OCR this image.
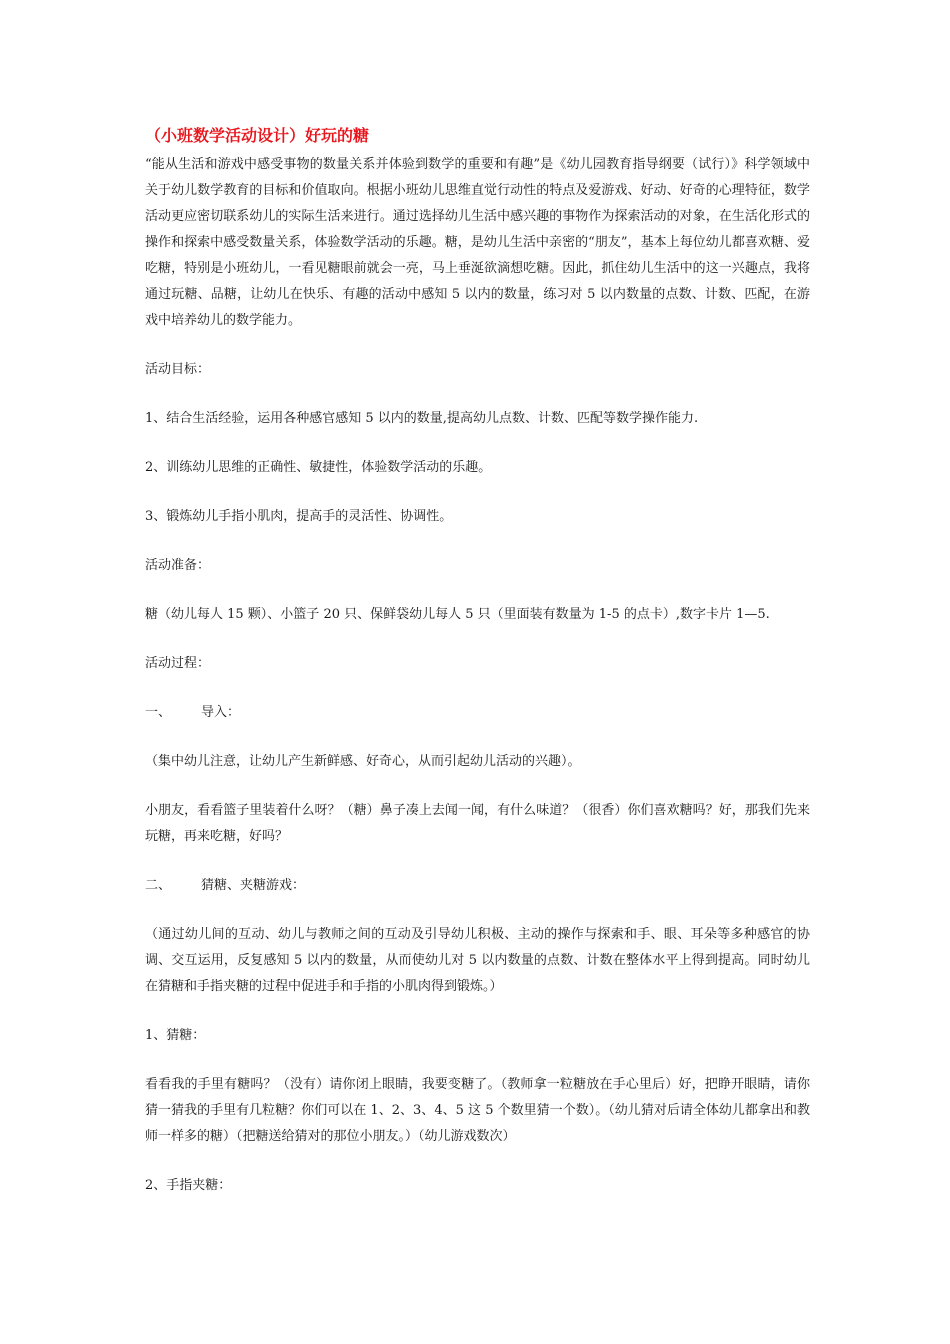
（小班数学活动设计）好玩的糖

“能从生活和游戏中感受事物的数量关系并体验到数学的重要和有趣”是《幼儿园教育指导纲要（试行）》科学领域中关于幼儿数学教育的目标和价值取向。根据小班幼儿思维直觉行动性的特点及爱游戏、好动、好奇的心理特征，数学活动更应密切联系幼儿的实际生活来进行。通过选择幼儿生活中感兴趣的事物作为探索活动的对象，在生活化形式的操作和探索中感受数量关系，体验数学活动的乐趣。糖，是幼儿生活中亲密的“朋友”，基本上每位幼儿都喜欢糖、爱吃糖，特别是小班幼儿，一看见糖眼前就会一亮，马上垂涎欲滴想吃糖。因此，抓住幼儿生活中的这一兴趣点，我将通过玩糖、品糖，让幼儿在快乐、有趣的活动中感知 5 以内的数量，练习对 5 以内数量的点数、计数、匹配，在游戏中培养幼儿的数学能力。

活动目标：

1、结合生活经验，运用各种感官感知 5 以内的数量,提高幼儿点数、计数、匹配等数学操作能力.

2、训练幼儿思维的正确性、敏捷性，体验数学活动的乐趣。

3、锻炼幼儿手指小肌肉，提高手的灵活性、协调性。

活动准备：

糖（幼儿每人 15 颗）、小篮子 20 只、保鲜袋幼儿每人 5 只（里面装有数量为 1-5 的点卡）,数字卡片 1—5.

活动过程：

一、 导入：

（集中幼儿注意，让幼儿产生新鲜感、好奇心，从而引起幼儿活动的兴趣）。

小朋友，看看篮子里装着什么呀？（糖）鼻子凑上去闻一闻，有什么味道？（很香）你们喜欢糖吗？好，那我们先来玩糖，再来吃糖，好吗？

二、 猜糖、夹糖游戏：

（通过幼儿间的互动、幼儿与教师之间的互动及引导幼儿积极、主动的操作与探索和手、眼、耳朵等多种感官的协调、交互运用，反复感知 5 以内的数量，从而使幼儿对 5 以内数量的点数、计数在整体水平上得到提高。同时幼儿在猜糖和手指夹糖的过程中促进手和手指的小肌肉得到锻炼。）

1、猜糖：

看看我的手里有糖吗？（没有）请你闭上眼睛，我要变糖了。（教师拿一粒糖放在手心里后）好，把睁开眼睛，请你猜一猜我的手里有几粒糖？你们可以在 1、2、3、4、5 这 5 个数里猜一个数）。（幼儿猜对后请全体幼儿都拿出和教师一样多的糖）（把糖送给猜对的那位小朋友。）（幼儿游戏数次）

2、手指夹糖：
